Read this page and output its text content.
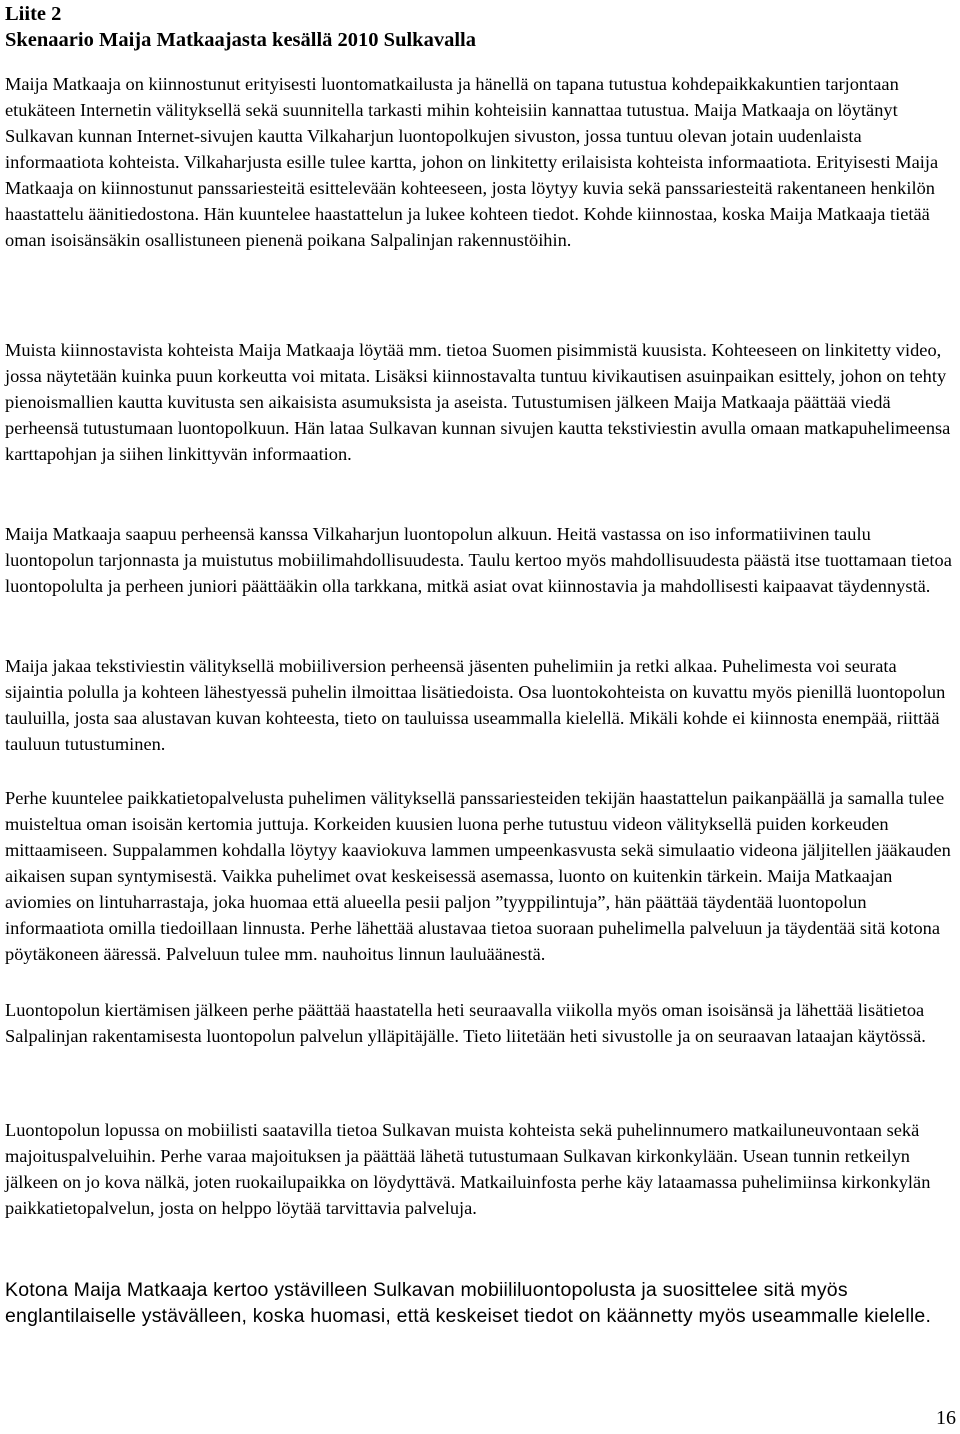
Liite 2

Skenaario Maija Matkaajasta kesällä 2010 Sulkavalla

Maija Matkaaja on kiinnostunut erityisesti luontomatkailusta ja hänellä on tapana tutustua kohdepaikkakuntien tarjontaan etukäteen Internetin välityksellä sekä suunnitella tarkasti mihin kohteisiin kannattaa tutustua. Maija Matkaaja on löytänyt Sulkavan kunnan Internet-sivujen kautta Vilkaharjun luontopolkujen sivuston, jossa tuntuu olevan jotain uudenlaista informaatiota kohteista. Vilkaharjusta esille tulee kartta, johon on linkitetty erilaisista kohteista informaatiota. Erityisesti Maija Matkaaja on kiinnostunut panssariesteitä esittelevään kohteeseen, josta löytyy kuvia sekä panssariesteitä rakentaneen henkilön haastattelu äänitiedostona. Hän kuuntelee haastattelun ja lukee kohteen tiedot. Kohde kiinnostaa, koska Maija Matkaaja tietää oman isoisänsäkin osallistuneen pienenä poikana Salpalinjan rakennustöihin.

Muista kiinnostavista kohteista Maija Matkaaja löytää mm. tietoa Suomen pisimmistä kuusista. Kohteeseen on linkitetty video, jossa näytetään kuinka puun korkeutta voi mitata. Lisäksi kiinnostavalta tuntuu kivikautisen asuinpaikan esittely, johon on tehty pienoismallien kautta kuvitusta sen aikaisista asumuksista ja aseista. Tutustumisen jälkeen Maija Matkaaja päättää viedä perheensä tutustumaan luontopolkuun. Hän lataa Sulkavan kunnan sivujen kautta tekstiviestin avulla omaan matkapuhelimeensa karttapohjan ja siihen linkittyvän informaation.

Maija Matkaaja saapuu perheensä kanssa Vilkaharjun luontopolun alkuun. Heitä vastassa on iso informatiivinen taulu luontopolun tarjonnasta ja muistutus mobiilimahdollisuudesta. Taulu kertoo myös mahdollisuudesta päästä itse tuottamaan tietoa luontopolulta ja perheen juniori päättääkin olla tarkkana, mitkä asiat ovat kiinnostavia ja mahdollisesti kaipaavat täydennystä.

Maija jakaa tekstiviestin välityksellä mobiiliversion perheensä jäsenten puhelimiin ja retki alkaa. Puhelimesta voi seurata sijaintia polulla ja kohteen lähestyessä puhelin ilmoittaa lisätiedoista. Osa luontokohteista on kuvattu myös pienillä luontopolun tauluilla, josta saa alustavan kuvan kohteesta, tieto on tauluissa useammalla kielellä. Mikäli kohde ei kiinnosta enempää, riittää tauluun tutustuminen.

Perhe kuuntelee paikkatietopalvelusta puhelimen välityksellä panssariesteiden tekijän haastattelun paikanpäällä ja samalla tulee muisteltua oman isoisän kertomia juttuja. Korkeiden kuusien luona perhe tutustuu videon välityksellä puiden korkeuden mittaamiseen. Suppalammen kohdalla löytyy kaaviokuva lammen umpeenkasvusta sekä simulaatio videona jäljitellen jääkauden aikaisen supan syntymisestä. Vaikka puhelimet ovat keskeisessä asemassa, luonto on kuitenkin tärkein. Maija Matkaajan aviomies on lintuharrastaja, joka huomaa että alueella pesii paljon ”tyyppilintuja”, hän päättää täydentää luontopolun informaatiota omilla tiedoillaan linnusta. Perhe lähettää alustavaa tietoa suoraan puhelimella palveluun ja täydentää sitä kotona pöytäkoneen ääressä. Palveluun tulee mm. nauhoitus linnun lauluäänestä.

Luontopolun kiertämisen jälkeen perhe päättää haastatella heti seuraavalla viikolla myös oman isoisänsä ja lähettää lisätietoa Salpalinjan rakentamisesta luontopolun palvelun ylläpitäjälle. Tieto liitetään heti sivustolle ja on seuraavan lataajan käytössä.

Luontopolun lopussa on mobiilisti saatavilla tietoa Sulkavan muista kohteista sekä puhelinnumero matkailuneuvontaan sekä majoituspalveluihin. Perhe varaa majoituksen ja päättää lähetä tutustumaan Sulkavan kirkonkylään. Usean tunnin retkeilyn jälkeen on jo kova nälkä, joten ruokailupaikka on löydyttävä. Matkailuinfosta perhe käy lataamassa puhelimiinsa kirkonkylän paikkatietopalvelun, josta on helppo löytää tarvittavia palveluja.

Kotona Maija Matkaaja kertoo ystävilleen Sulkavan mobiililuontopolusta ja suosittelee sitä myös englantilaiselle ystävälleen, koska huomasi, että keskeiset tiedot on käännetty myös useammalle kielelle.

16
